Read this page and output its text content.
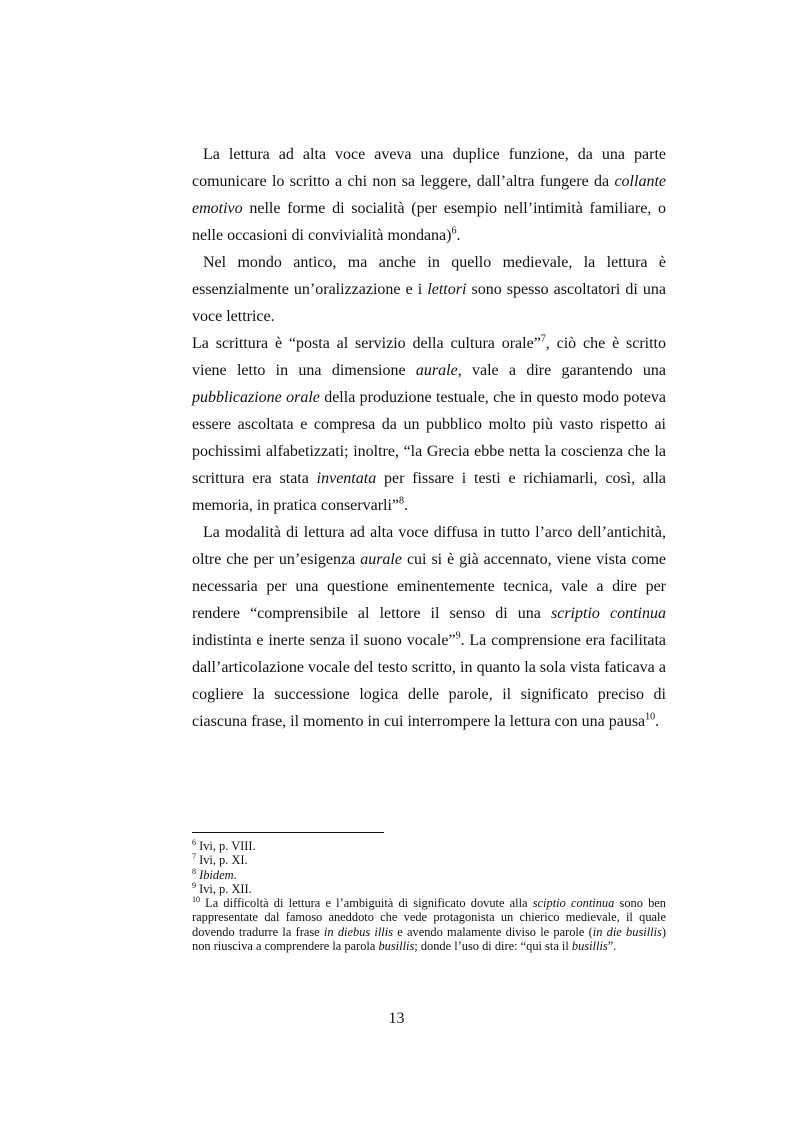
La lettura ad alta voce aveva una duplice funzione, da una parte comunicare lo scritto a chi non sa leggere, dall’altra fungere da collante emotivo nelle forme di socialità (per esempio nell’intimità familiare, o nelle occasioni di convivialità mondana)$^6$.

Nel mondo antico, ma anche in quello medievale, la lettura è essenzialmente un’oralizzazione e i lettori sono spesso ascoltatori di una voce lettrice.

La scrittura è “posta al servizio della cultura orale”$^7$, ciò che è scritto viene letto in una dimensione aurale, vale a dire garantendo una pubblicazione orale della produzione testuale, che in questo modo poteva essere ascoltata e compresa da un pubblico molto più vasto rispetto ai pochissimi alfabetizzati; inoltre, “la Grecia ebbe netta la coscienza che la scrittura era stata inventata per fissare i testi e richiamarli, così, alla memoria, in pratica conservarli”$^8$.

La modalità di lettura ad alta voce diffusa in tutto l’arco dell’antichità, oltre che per un’esigenza aurale cui si è già accennato, viene vista come necessaria per una questione eminentemente tecnica, vale a dire per rendere “comprensibile al lettore il senso di una scriptio continua indistinta e inerte senza il suono vocale”$^9$. La comprensione era facilitata dall’articolazione vocale del testo scritto, in quanto la sola vista faticava a cogliere la successione logica delle parole, il significato preciso di ciascuna frase, il momento in cui interrompere la lettura con una pausa$^{10}$.

$^6$ Ivi, p. VIII.

$^7$ Ivi, p. XI.

$^8$ Ibidem.

$^9$ Ivi, p. XII.

$^{10}$ La difficoltà di lettura e l’ambiguità di significato dovute alla sciptio continua sono ben rappresentate dal famoso aneddoto che vede protagonista un chierico medievale, il quale dovendo tradurre la frase in diebus illis e avendo malamente diviso le parole (in die busillis) non riusciva a comprendere la parola busillis; donde l’uso di dire: “qui sta il busillis”.

13
